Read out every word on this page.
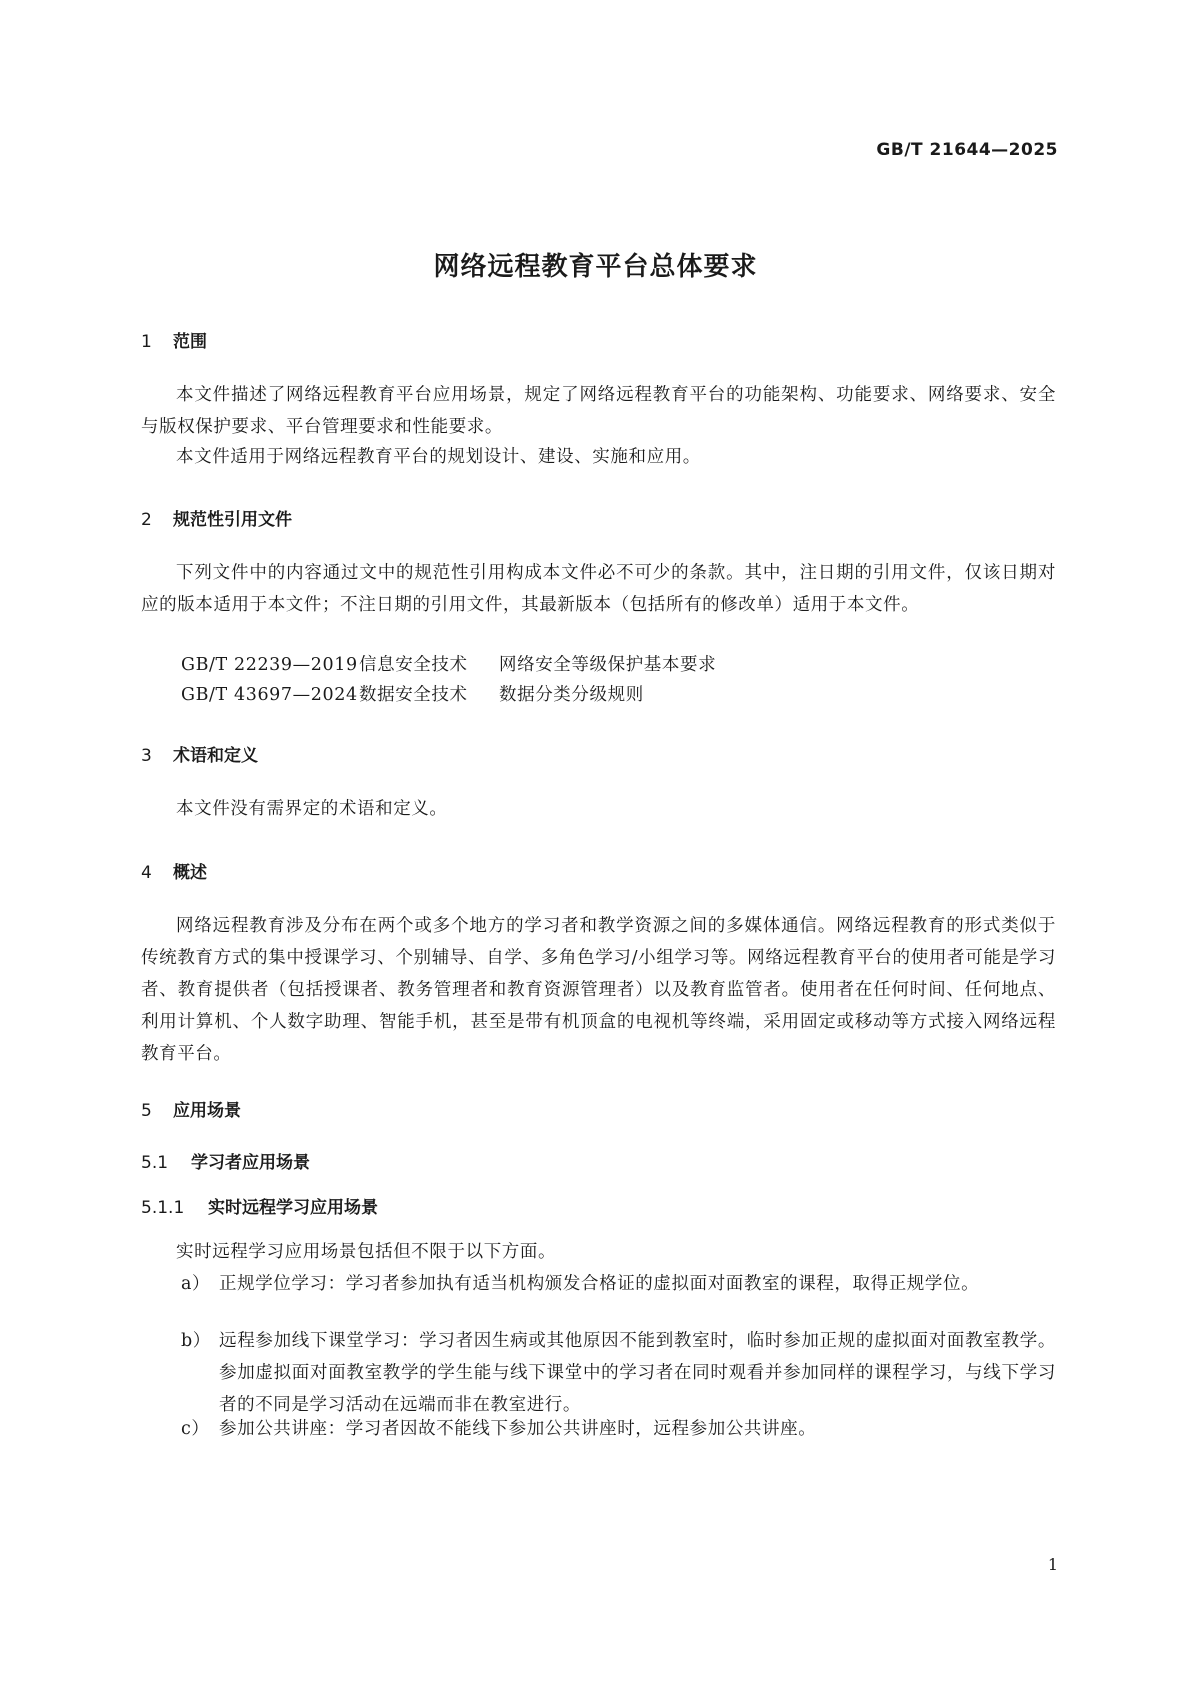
GB/T 21644—2025
网络远程教育平台总体要求
1 范围
本文件描述了网络远程教育平台应用场景，规定了网络远程教育平台的功能架构、功能要求、网络要求、安全与版权保护要求、平台管理要求和性能要求。
本文件适用于网络远程教育平台的规划设计、建设、实施和应用。
2 规范性引用文件
下列文件中的内容通过文中的规范性引用构成本文件必不可少的条款。其中，注日期的引用文件，仅该日期对应的版本适用于本文件；不注日期的引用文件，其最新版本（包括所有的修改单）适用于本文件。
GB/T 22239—2019信息安全技术 网络安全等级保护基本要求
GB/T 43697—2024数据安全技术 数据分类分级规则
3 术语和定义
本文件没有需界定的术语和定义。
4 概述
网络远程教育涉及分布在两个或多个地方的学习者和教学资源之间的多媒体通信。网络远程教育的形式类似于传统教育方式的集中授课学习、个别辅导、自学、多角色学习/小组学习等。网络远程教育平台的使用者可能是学习者、教育提供者（包括授课者、教务管理者和教育资源管理者）以及教育监管者。使用者在任何时间、任何地点、利用计算机、个人数字助理、智能手机，甚至是带有机顶盒的电视机等终端，采用固定或移动等方式接入网络远程教育平台。
5 应用场景
5.1 学习者应用场景
5.1.1 实时远程学习应用场景
实时远程学习应用场景包括但不限于以下方面。
a） 正规学位学习：学习者参加执有适当机构颁发合格证的虚拟面对面教室的课程，取得正规学位。
b） 远程参加线下课堂学习：学习者因生病或其他原因不能到教室时，临时参加正规的虚拟面对面教室教学。参加虚拟面对面教室教学的学生能与线下课堂中的学习者在同时观看并参加同样的课程学习，与线下学习者的不同是学习活动在远端而非在教室进行。
c） 参加公共讲座：学习者因故不能线下参加公共讲座时，远程参加公共讲座。
1
